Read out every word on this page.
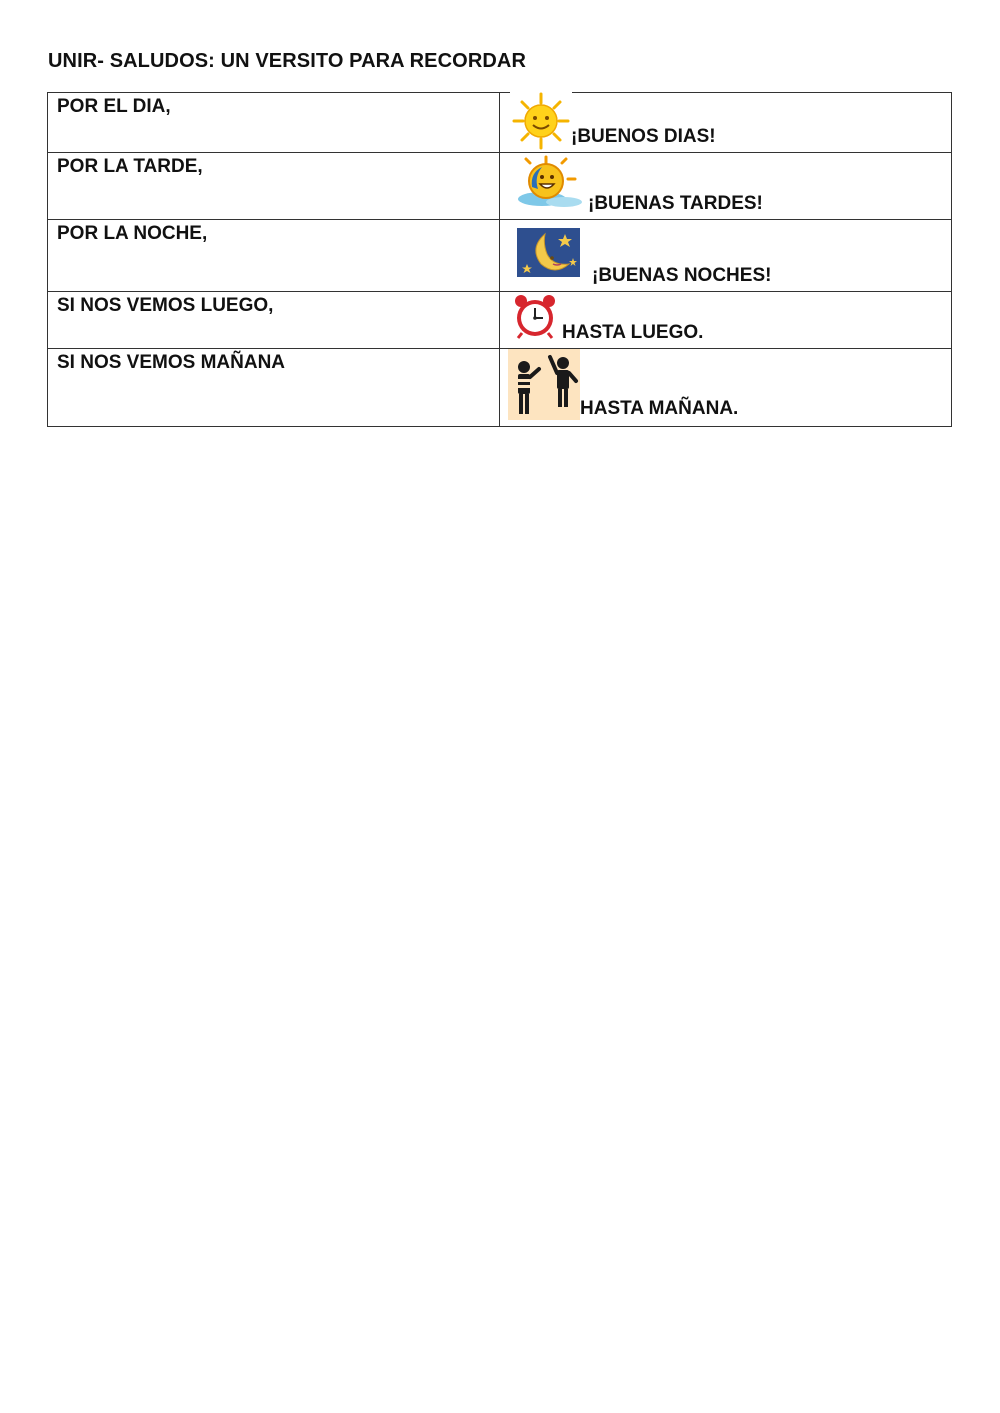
UNIR- SALUDOS: UN VERSITO PARA RECORDAR
POR EL DIA,	¡BUENOS DIAS!

POR LA TARDE,	¡BUENAS TARDES!

POR LA NOCHE,	¡BUENAS NOCHES!

SI NOS VEMOS LUEGO,	HASTA LUEGO.

SI NOS VEMOS MAÑANA	HASTA MAÑANA.
